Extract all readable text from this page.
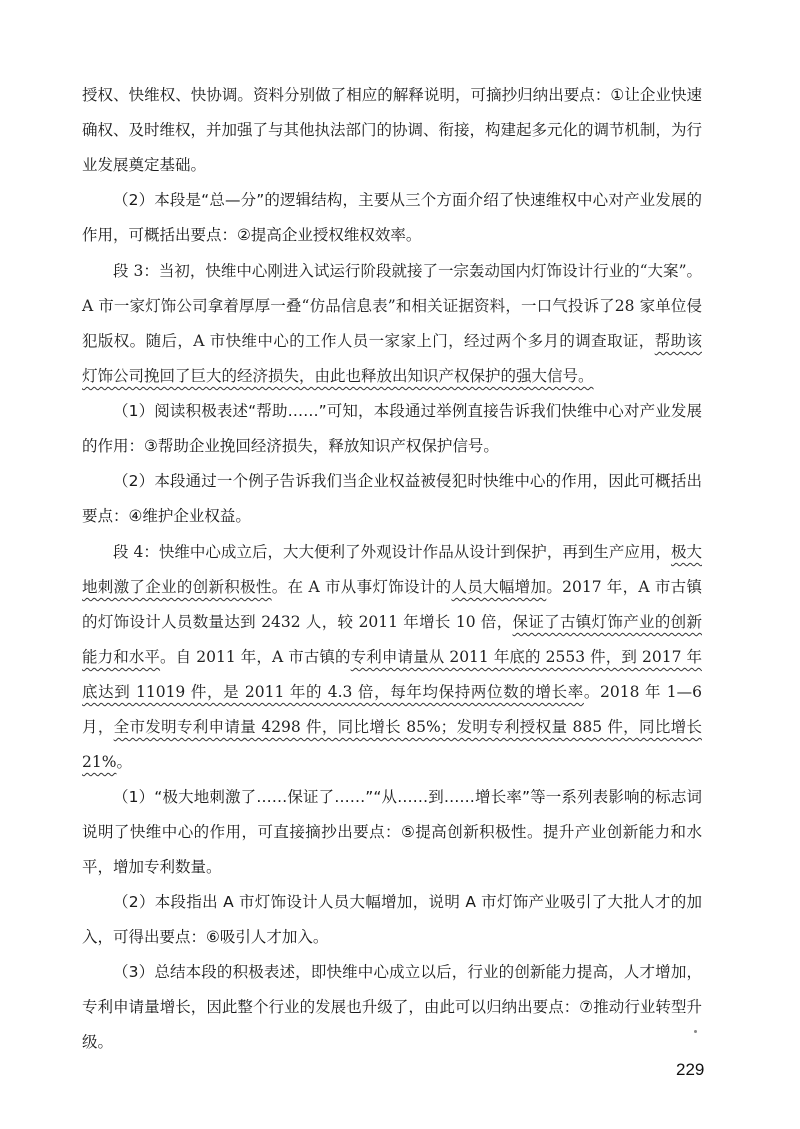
授权、快维权、快协调。资料分别做了相应的解释说明，可摘抄归纳出要点：①让企业快速确权、及时维权，并加强了与其他执法部门的协调、衔接，构建起多元化的调节机制，为行业发展奠定基础。

（2）本段是“总—分”的逻辑结构，主要从三个方面介绍了快速维权中心对产业发展的作用，可概括出要点：②提高企业授权维权效率。

段 3：当初，快维中心刚进入试运行阶段就接了一宗轰动国内灯饰设计行业的“大案”。A 市一家灯饰公司拿着厚厚一叠“仿品信息表”和相关证据资料，一口气投诉了28 家单位侵犯版权。随后，A 市快维中心的工作人员一家家上门，经过两个多月的调查取证，帮助该灯饰公司挽回了巨大的经济损失，由此也释放出知识产权保护的强大信号。

（1）阅读积极表述“帮助……”可知，本段通过举例直接告诉我们快维中心对产业发展的作用：③帮助企业挽回经济损失，释放知识产权保护信号。

（2）本段通过一个例子告诉我们当企业权益被侵犯时快维中心的作用，因此可概括出要点：④维护企业权益。

段 4：快维中心成立后，大大便利了外观设计作品从设计到保护，再到生产应用，极大地刺激了企业的创新积极性。在 A 市从事灯饰设计的人员大幅增加。2017 年，A 市古镇的灯饰设计人员数量达到 2432 人，较 2011 年增长 10 倍，保证了古镇灯饰产业的创新能力和水平。自 2011 年，A 市古镇的专利申请量从 2011 年底的 2553 件，到 2017 年底达到 11019 件，是 2011 年的 4.3 倍，每年均保持两位数的增长率。2018 年 1—6 月，全市发明专利申请量 4298 件，同比增长 85%；发明专利授权量 885 件，同比增长 21%。

（1）“极大地刺激了……保证了……”“从……到……增长率”等一系列表影响的标志词说明了快维中心的作用，可直接摘抄出要点：⑤提高创新积极性。提升产业创新能力和水平，增加专利数量。

（2）本段指出 A 市灯饰设计人员大幅增加，说明 A 市灯饰产业吸引了大批人才的加入，可得出要点：⑥吸引人才加入。

（3）总结本段的积极表述，即快维中心成立以后，行业的创新能力提高，人才增加，专利申请量增长，因此整个行业的发展也升级了，由此可以归纳出要点：⑦推动行业转型升级。

229
